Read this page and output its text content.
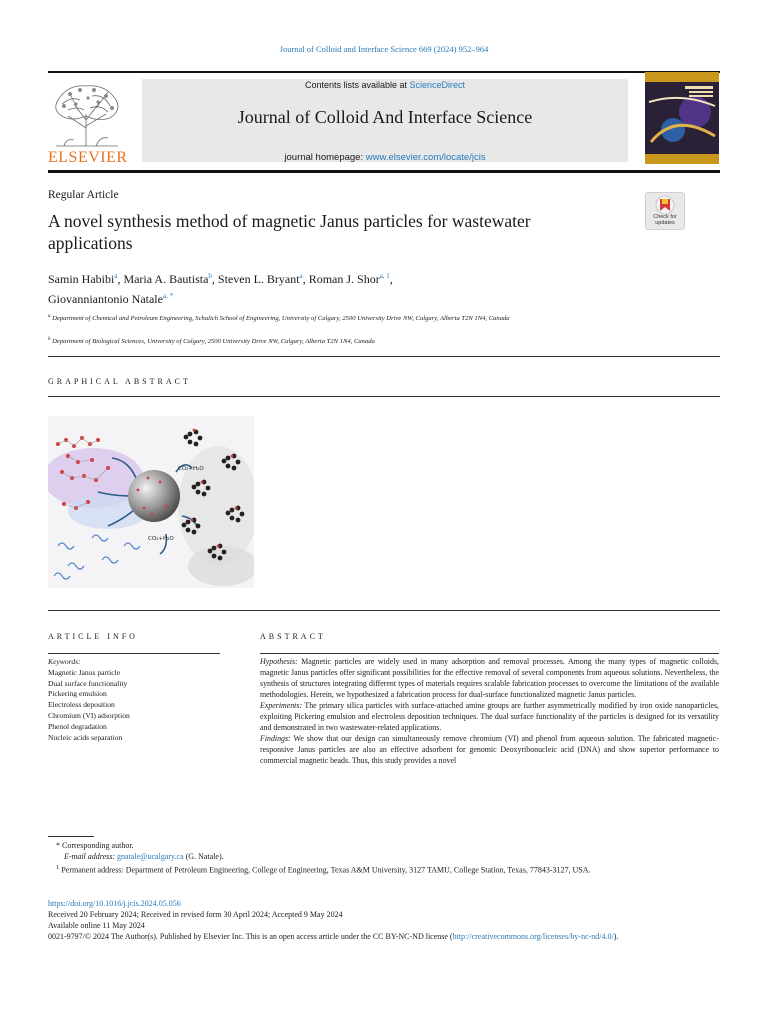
Journal of Colloid and Interface Science 669 (2024) 952–964
ELSEVIER
Contents lists available at ScienceDirect
Journal of Colloid And Interface Science
journal homepage: www.elsevier.com/locate/jcis
Check for
updates
Regular Article
A novel synthesis method of magnetic Janus particles for wastewater applications
Samin Habibi$^a$, Maria A. Bautista$^b$, Steven L. Bryant$^a$, Roman J. Shor$^{a, 1}$,
Giovanniantonio Natale$^{a, *}$
$^a$ Department of Chemical and Petroleum Engineering, Schulich School of Engineering, University of Calgary, 2500 University Drive NW, Calgary, Alberta T2N 1N4, Canada
$^b$ Department of Biological Sciences, University of Calgary, 2500 University Drive NW, Calgary, Alberta T2N 1N4, Canada
GRAPHICAL ABSTRACT
CO₂+H₂O
CO₂+H₂O
ARTICLE INFO
Keywords:
Magnetic Janus particle
Dual surface functionality
Pickering emulsion
Electroless deposition
Chromium (VI) adsorption
Phenol degradation
Nucleic acids separation
ABSTRACT

Hypothesis: Magnetic particles are widely used in many adsorption and removal processes. Among the many types of magnetic colloids, magnetic Janus particles offer significant possibilities for the effective removal of several components from aqueous solutions. Nevertheless, the synthesis of structures integrating different types of materials requires scalable fabrication processes to overcome the limitations of the available methodologies. Herein, we hypothesized a fabrication process for dual-surface functionalized magnetic Janus particles.

Experiments: The primary silica particles with surface-attached amine groups are further asymmetrically modified by iron oxide nanoparticles, exploiting Pickering emulsion and electroless deposition techniques. The dual surface functionality of the particles is designed for its versatility and demonstrated in two wastewater-related applications.

Findings: We show that our design can simultaneously remove chromium (VI) and phenol from aqueous solution. The fabricated magnetic-responsive Janus particles are also an effective adsorbent for genomic Deoxyribonucleic acid (DNA) and show superior performance to commercial magnetic beads. Thus, this study provides a novel

* Corresponding author.
E-mail address: gnatale@ucalgary.ca (G. Natale).
$^1$ Permanent address: Department of Petroleum Engineering, College of Engineering, Texas A&M University, 3127 TAMU, College Station, Texas, 77843-3127, USA.
https://doi.org/10.1016/j.jcis.2024.05.056
Received 20 February 2024; Received in revised form 30 April 2024; Accepted 9 May 2024
Available online 11 May 2024
0021-9797/© 2024 The Author(s). Published by Elsevier Inc. This is an open access article under the CC BY-NC-ND license (http://creativecommons.org/licenses/by-nc-nd/4.0/).
